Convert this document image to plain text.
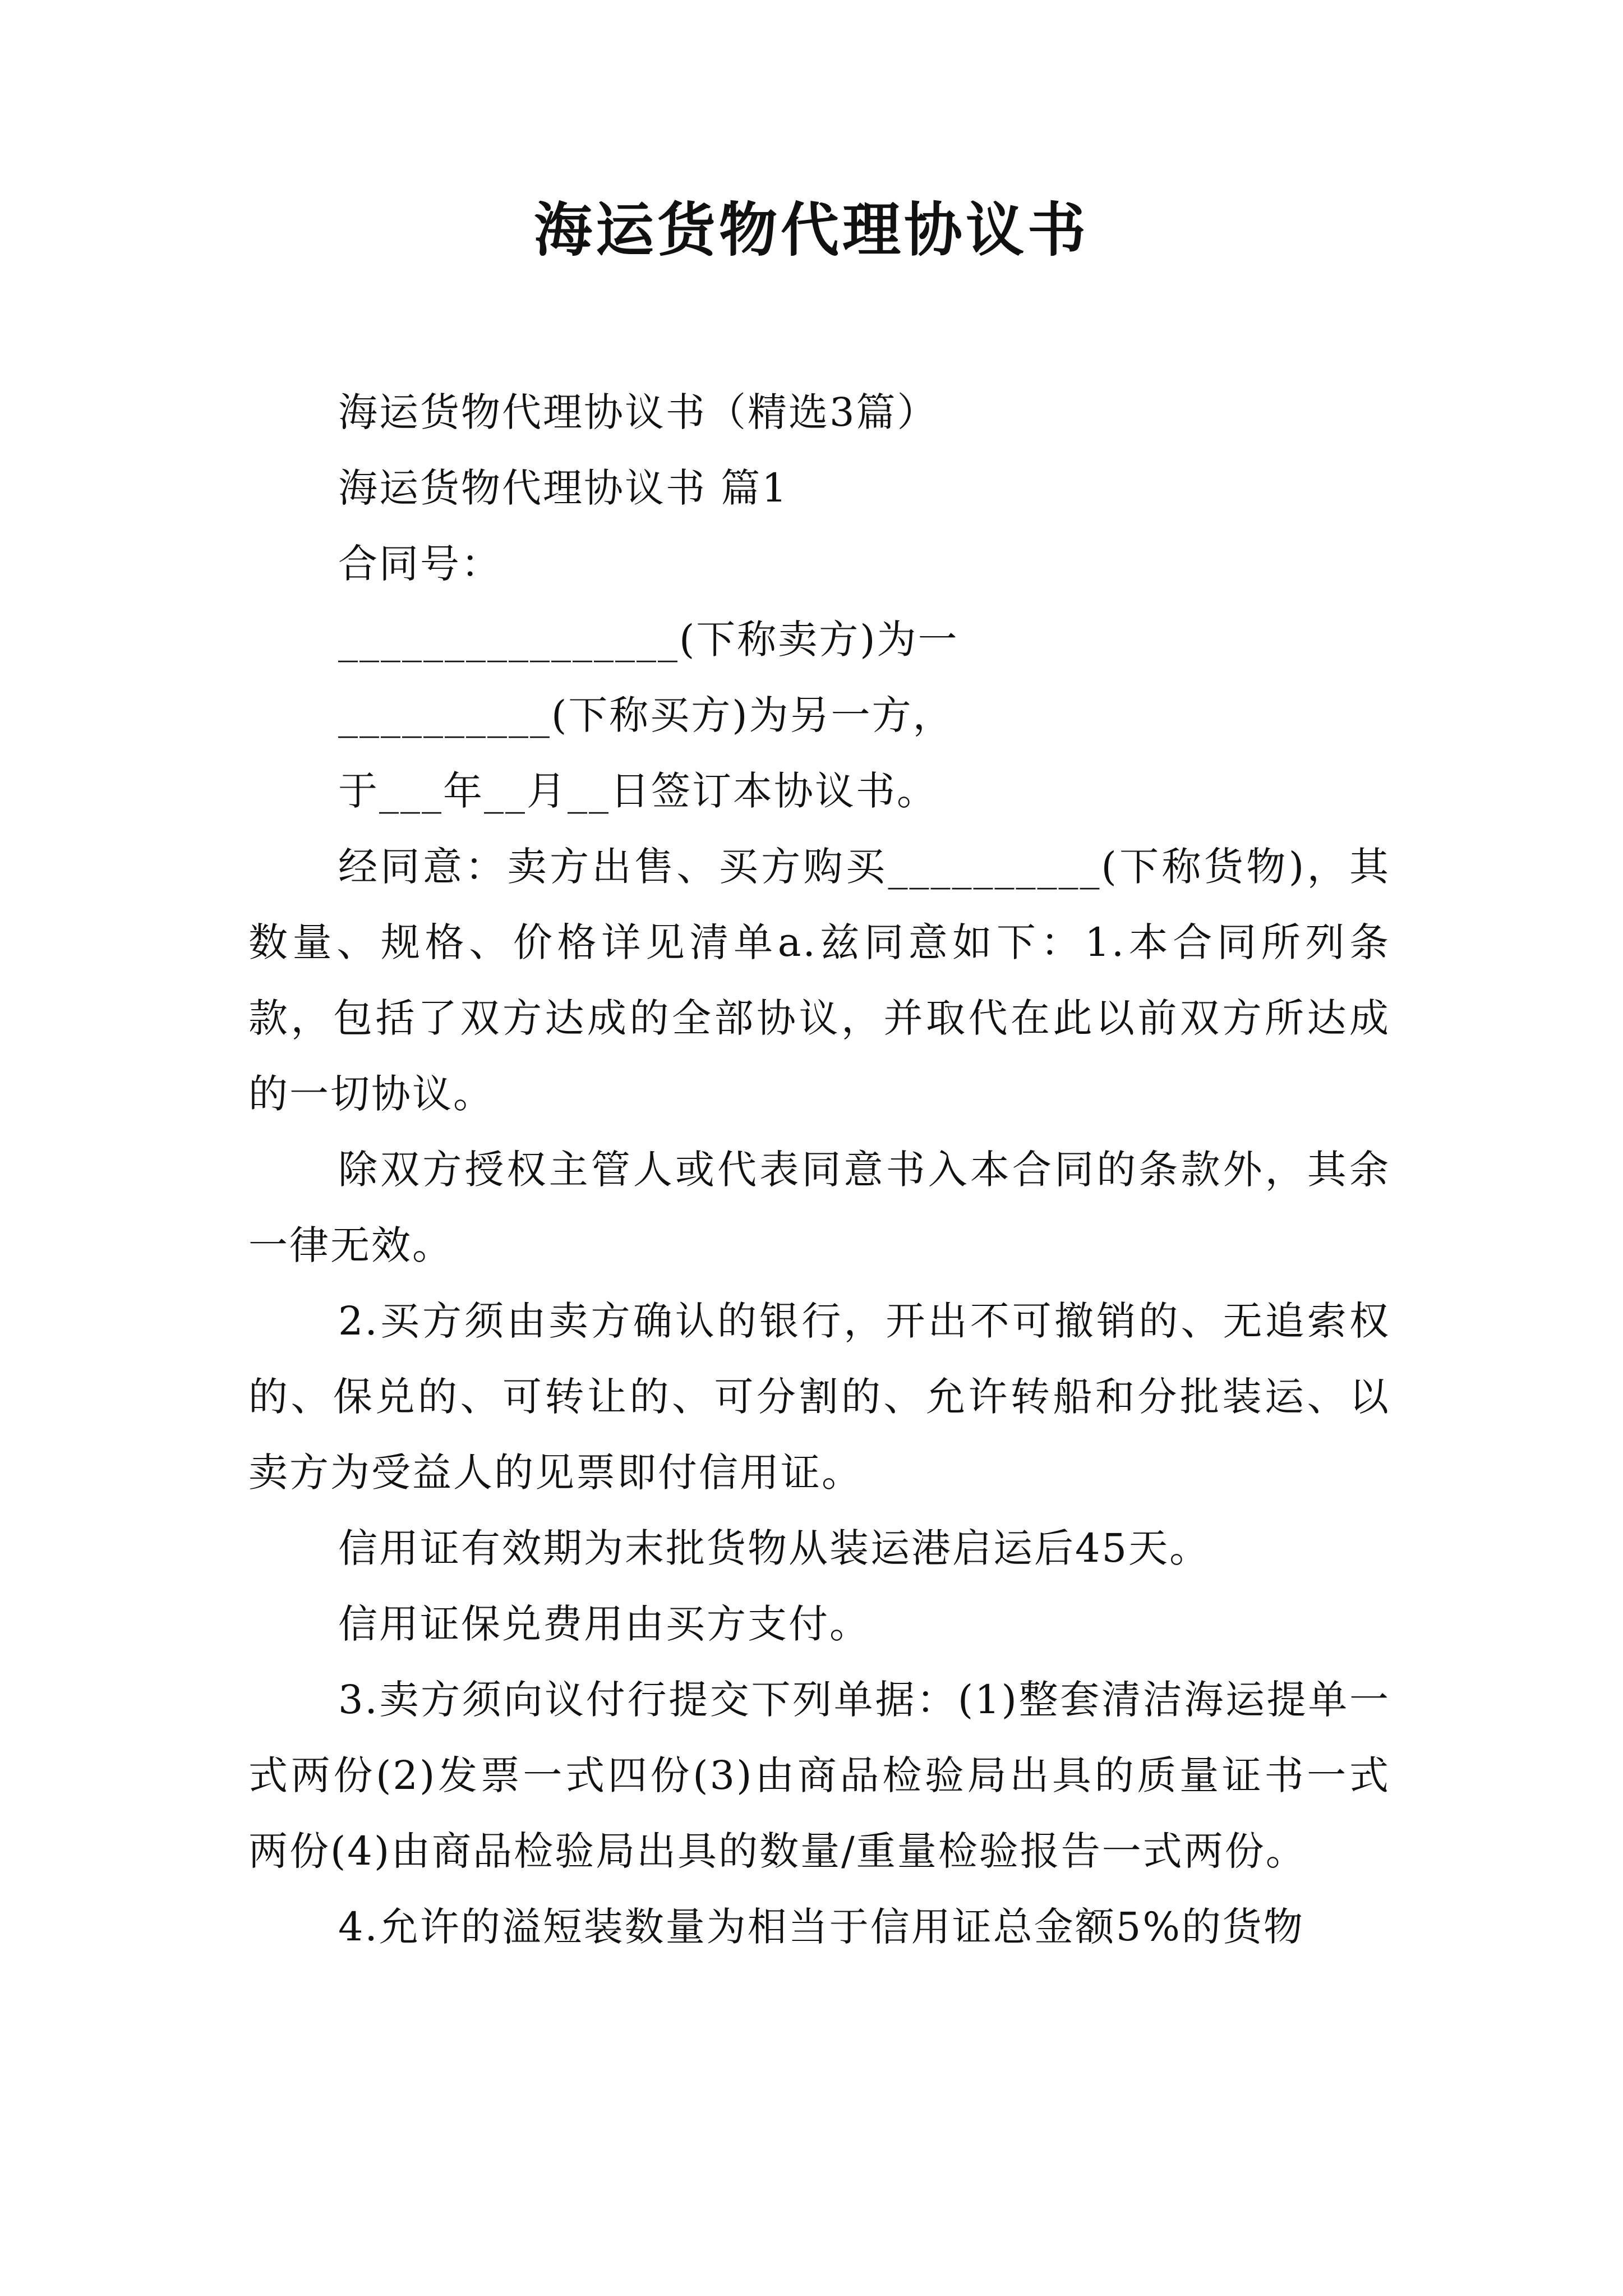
海运货物代理协议书

海运货物代理协议书（精选3篇）

海运货物代理协议书 篇1

合同号：

________________(下称卖方)为一

__________(下称买方)为另一方，

于___年__月__日签订本协议书。

经同意：卖方出售、买方购买__________(下称货物)，其数量、规格、价格详见清单a.兹同意如下：1.本合同所列条款，包括了双方达成的全部协议，并取代在此以前双方所达成的一切协议。

除双方授权主管人或代表同意书入本合同的条款外，其余一律无效。

2.买方须由卖方确认的银行，开出不可撤销的、无追索权的、保兑的、可转让的、可分割的、允许转船和分批装运、以卖方为受益人的见票即付信用证。

信用证有效期为末批货物从装运港启运后45天。

信用证保兑费用由买方支付。

3.卖方须向议付行提交下列单据：(1)整套清洁海运提单一式两份(2)发票一式四份(3)由商品检验局出具的质量证书一式两份(4)由商品检验局出具的数量/重量检验报告一式两份。

4.允许的溢短装数量为相当于信用证总金额5%的货物
